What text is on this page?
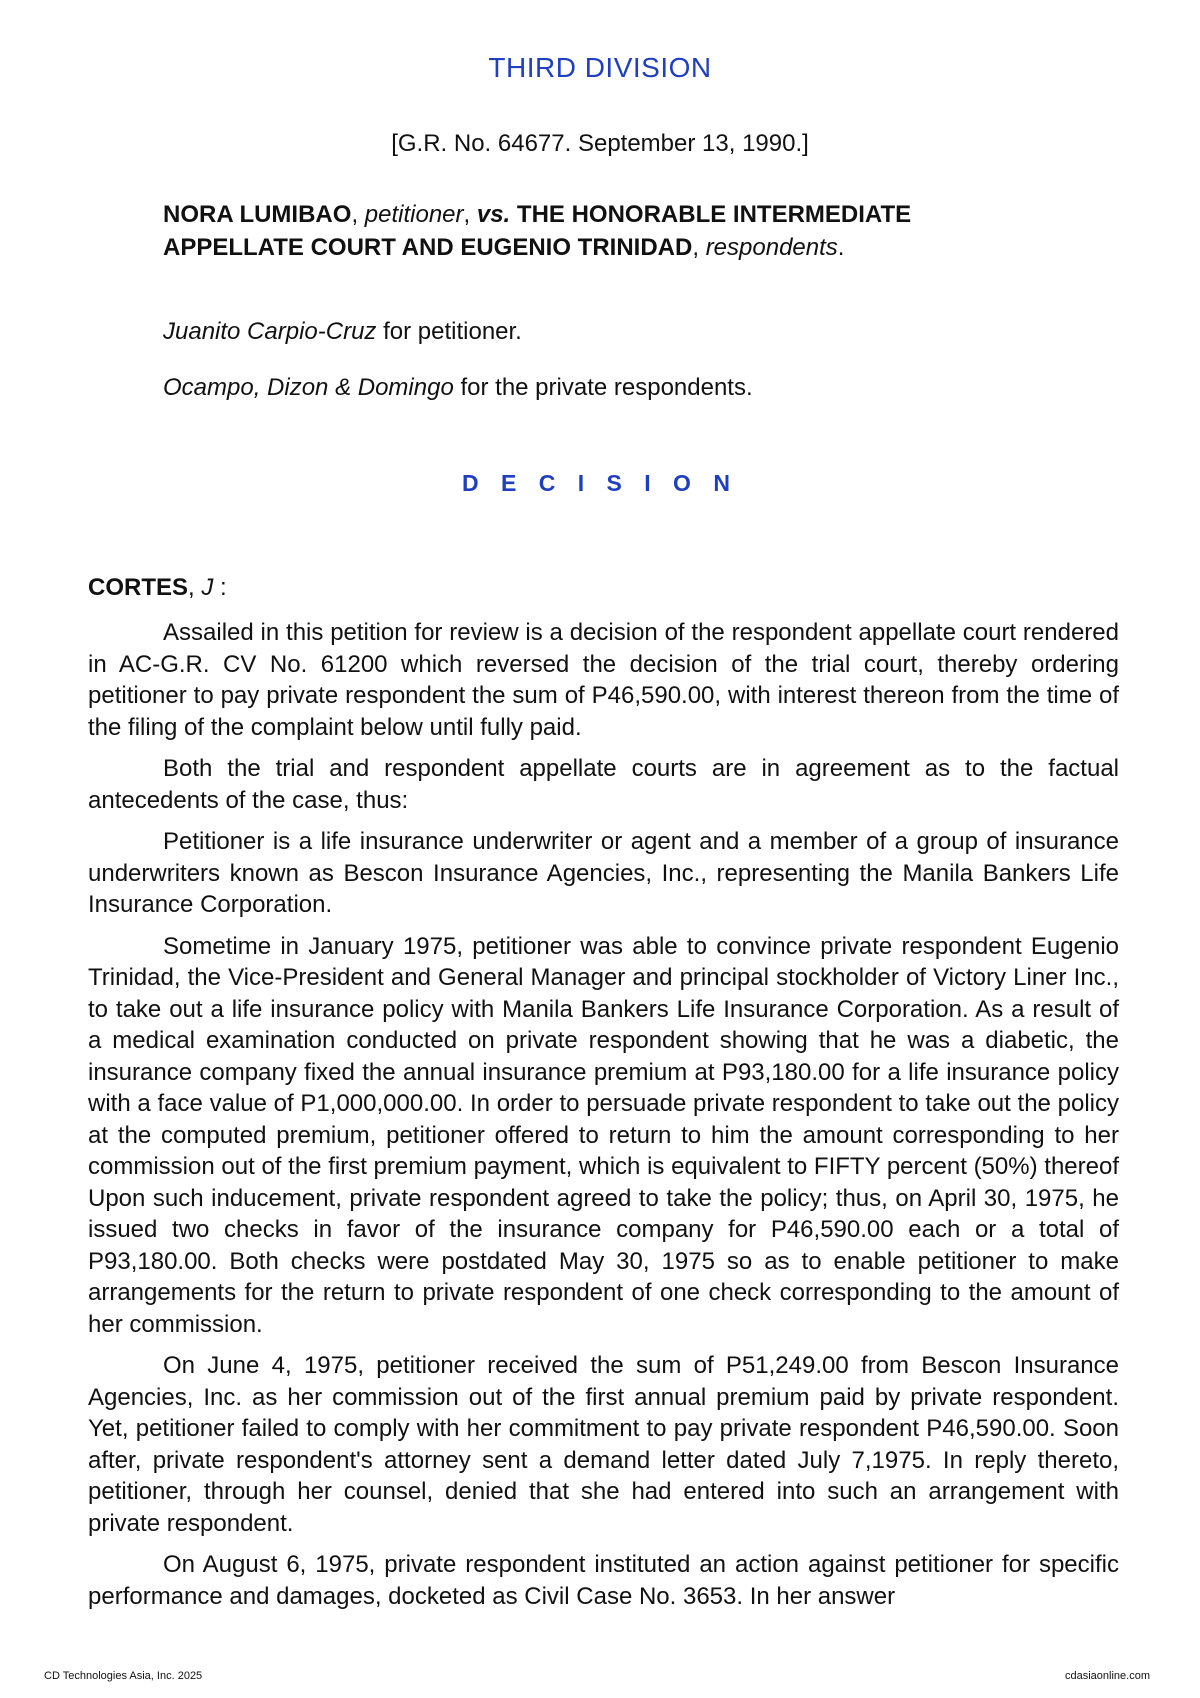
THIRD DIVISION
[G.R. No. 64677. September 13, 1990.]
NORA LUMIBAO, petitioner, vs. THE HONORABLE INTERMEDIATE APPELLATE COURT AND EUGENIO TRINIDAD, respondents.
Juanito Carpio-Cruz for petitioner.
Ocampo, Dizon & Domingo for the private respondents.
D E C I S I O N
CORTES, J :

Assailed in this petition for review is a decision of the respondent appellate court rendered in AC-G.R. CV No. 61200 which reversed the decision of the trial court, thereby ordering petitioner to pay private respondent the sum of P46,590.00, with interest thereon from the time of the filing of the complaint below until fully paid.

Both the trial and respondent appellate courts are in agreement as to the factual antecedents of the case, thus:

Petitioner is a life insurance underwriter or agent and a member of a group of insurance underwriters known as Bescon Insurance Agencies, Inc., representing the Manila Bankers Life Insurance Corporation.

Sometime in January 1975, petitioner was able to convince private respondent Eugenio Trinidad, the Vice-President and General Manager and principal stockholder of Victory Liner Inc., to take out a life insurance policy with Manila Bankers Life Insurance Corporation. As a result of a medical examination conducted on private respondent showing that he was a diabetic, the insurance company fixed the annual insurance premium at P93,180.00 for a life insurance policy with a face value of P1,000,000.00. In order to persuade private respondent to take out the policy at the computed premium, petitioner offered to return to him the amount corresponding to her commission out of the first premium payment, which is equivalent to FIFTY percent (50%) thereof Upon such inducement, private respondent agreed to take the policy; thus, on April 30, 1975, he issued two checks in favor of the insurance company for P46,590.00 each or a total of P93,180.00. Both checks were postdated May 30, 1975 so as to enable petitioner to make arrangements for the return to private respondent of one check corresponding to the amount of her commission.

On June 4, 1975, petitioner received the sum of P51,249.00 from Bescon Insurance Agencies, Inc. as her commission out of the first annual premium paid by private respondent. Yet, petitioner failed to comply with her commitment to pay private respondent P46,590.00. Soon after, private respondent's attorney sent a demand letter dated July 7,1975. In reply thereto, petitioner, through her counsel, denied that she had entered into such an arrangement with private respondent.

On August 6, 1975, private respondent instituted an action against petitioner for specific performance and damages, docketed as Civil Case No. 3653. In her answer

CD Technologies Asia, Inc. 2025	cdasiaonline.com
